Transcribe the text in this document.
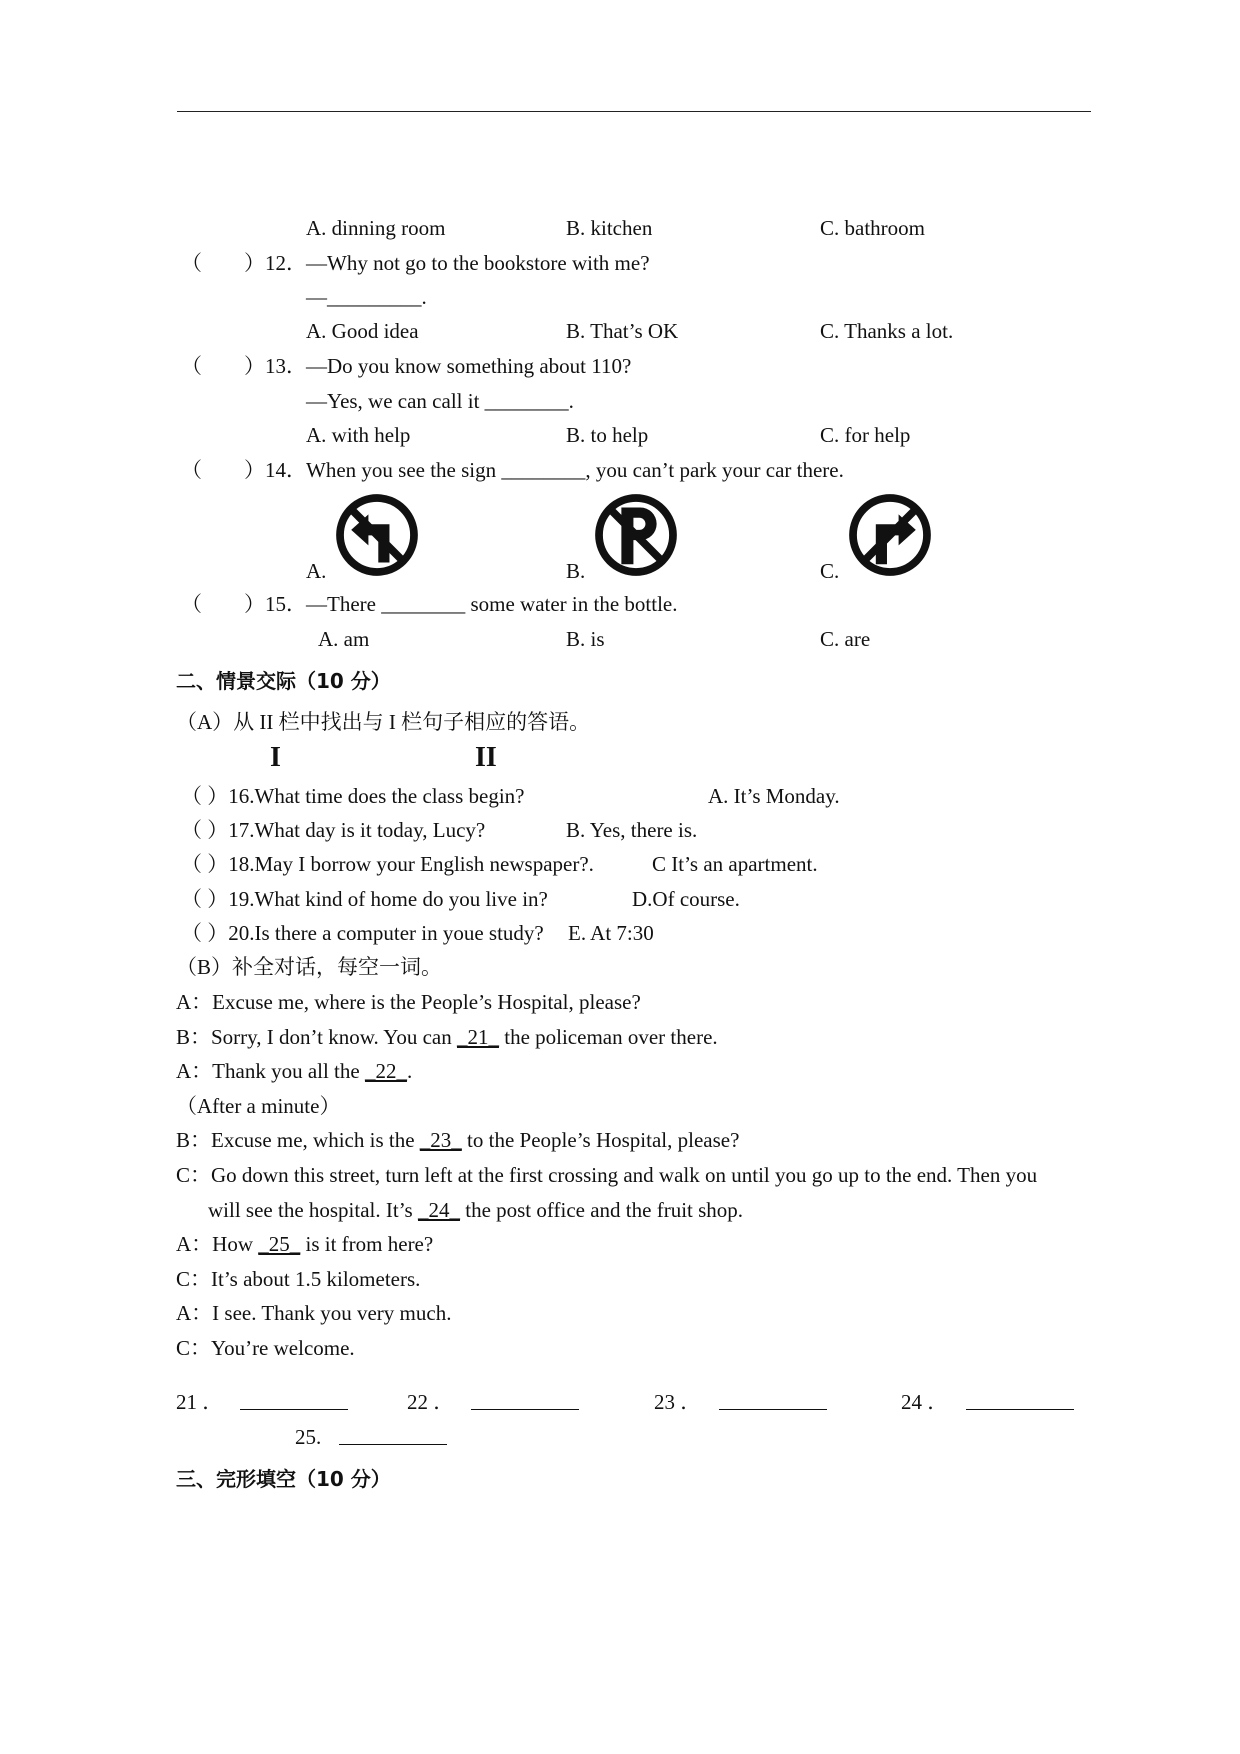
A. dinning room	B. kitchen	C. bathroom
（　　）12． —Why not go to the bookstore with me?
—_________.
A. Good idea	B. That’s OK	C. Thanks a lot.
（　　）13． —Do you know something about 110?
—Yes, we can call it ________.
A. with help	B. to help	C. for help
（　　）14． When you see the sign ________, you can’t park your car there.
A.	B.	C.
（　　）15． —There ________ some water in the bottle.
A. am	B. is	C. are
二、情景交际（10 分）
（A）从 II 栏中找出与 I 栏句子相应的答语。
I	II
（ ）16.What time does the class begin?	A. It’s Monday.
（ ）17.What day is it today, Lucy?	B. Yes, there is.
（ ）18.May I borrow your English newspaper?.	C It’s an apartment.
（ ）19.What kind of home do you live in?	D.Of course.
（ ）20.Is there a computer in youe study? E. At 7:30
（B）补全对话，每空一词。
A：Excuse me, where is the People’s Hospital, please?
B：Sorry, I don’t know. You can _21_ the policeman over there.
A：Thank you all the _22_.
（After a minute）
B：Excuse me, which is the _23_ to the People’s Hospital, please?
C：Go down this street, turn left at the first crossing and walk on until you go up to the end. Then you
will see the hospital. It’s _24_ the post office and the fruit shop.
A：How _25_ is it from here?
C：It’s about 1.5 kilometers.
A：I see. Thank you very much.
C：You’re welcome.
21 ．	22 ．	23 ．	24 ．
25.
三、完形填空（10 分）
